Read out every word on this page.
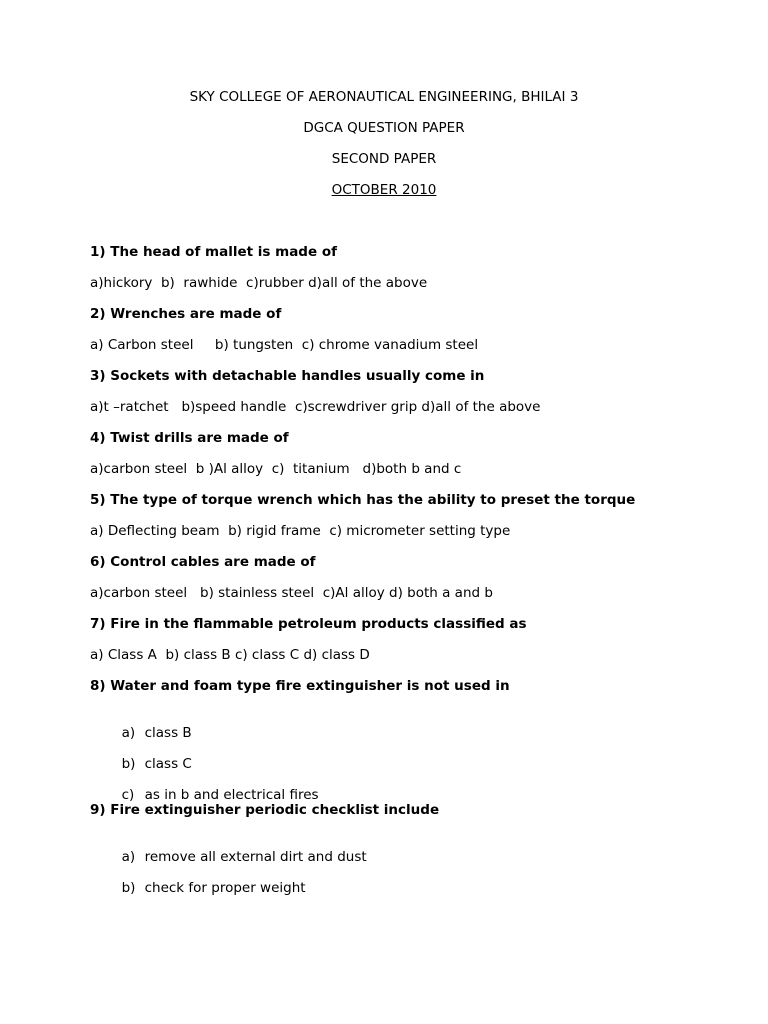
SKY COLLEGE OF AERONAUTICAL ENGINEERING, BHILAI 3
DGCA QUESTION PAPER
SECOND PAPER
OCTOBER 2010
1) The head of mallet is made of
a)hickory  b)  rawhide  c)rubber d)all of the above
2) Wrenches are made of
a) Carbon steel     b) tungsten  c) chrome vanadium steel
3) Sockets with detachable handles usually come in
a)t –ratchet   b)speed handle  c)screwdriver grip d)all of the above
4) Twist drills are made of
a)carbon steel  b )Al alloy  c)  titanium   d)both b and c
5) The type of torque wrench which has the ability to preset the torque
a) Deflecting beam  b) rigid frame  c) micrometer setting type
6) Control cables are made of
a)carbon steel   b) stainless steel  c)Al alloy d) both a and b
7) Fire in the flammable petroleum products classified as
a) Class A  b) class B c) class C d) class D
8) Water and foam type fire extinguisher is not used in

a) class B

b) class C

c) as in b and electrical fires

9) Fire extinguisher periodic checklist include

a) remove all external dirt and dust

b) check for proper weight
